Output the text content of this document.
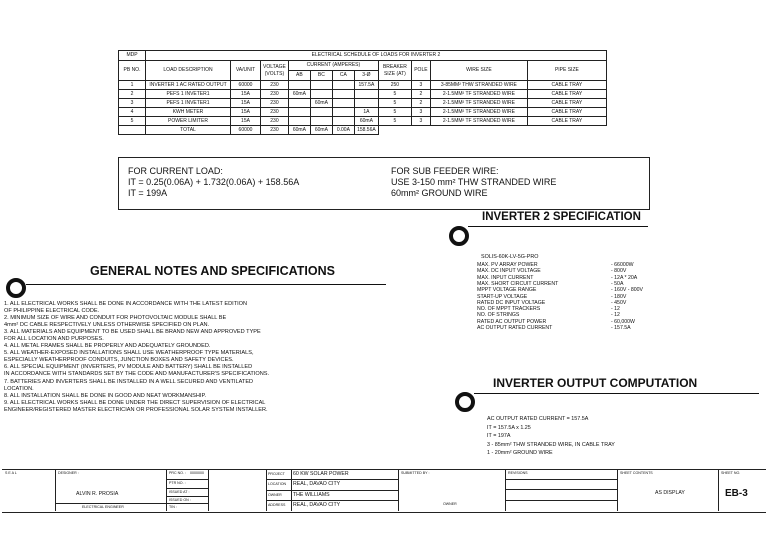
MDP	ELECTRICAL SCHEDULE OF LOADS FOR INVERTER 2										
PB NO.	LOAD DESCRIPTION	VA/UNIT	VOLTAGE (VOLTS)	CURRENT (AMPERES)				BREAKER SIZE (AT)	POLE	WIRE SIZE	PIPE SIZE
				AB	BC	CA	3-Ø				
1	INVERTER 1 AC RATED OUTPUT	60000	230				157.5A	250	3	3-85MM² THW STRANDED WIRE	CABLE TRAY
2	PEFS 1 INVETER1	15A	230	60mA				5	2	2-1.5MM² TF STRANDED WIRE	CABLE TRAY
3	PEFS 1 INVETER1	15A	230		60mA			5	2	2-1.5MM² TF STRANDED WIRE	CABLE TRAY
4	KWH METER	15A	230				1A	5	3	2-1.5MM² TF STRANDED WIRE	CABLE TRAY
5	POWER LIMITER	15A	230				60mA	5	3	2-1.5MM² TF STRANDED WIRE	CABLE TRAY
	TOTAL	60000	230	60mA	60mA	0.00A	158.56A				
FOR CURRENT LOAD:
IT = 0.25(0.06A) + 1.732(0.06A) + 158.56A
IT = 199A
FOR SUB FEEDER WIRE:
USE 3-150 mm² THW STRANDED WIRE
60mm² GROUND WIRE
INVERTER 2 SPECIFICATION
SOLIS-60K-LV-5G-PRO
MAX. PV ARRAY POWER	- 66000W
MAX. DC INPUT VOLTAGE	- 800V
MAX. INPUT CURRENT	- 12A * 20A
MAX. SHORT CIRCUIT CURRENT	- 50A
MPPT VOLTAGE RANGE	- 160V - 800V
START-UP VOLTAGE	- 180V
RATED DC INPUT VOLTAGE	- 450V
NO. OF MPPT TRACKERS	- 12
NO. OF STRINGS	- 12
RATED AC OUTPUT POWER	- 60,000W
AC OUTPUT RATED CURRENT	- 157.5A
GENERAL NOTES AND SPECIFICATIONS
1. ALL ELECTRICAL WORKS SHALL BE DONE IN ACCORDANCE WITH THE LATEST EDITION
OF PHILIPPINE ELECTRICAL CODE.
2. MINIMUM SIZE OF WIRE AND CONDUIT FOR PHOTOVOLTAIC MODULE SHALL BE
4mm² DC CABLE RESPECTIVELY UNLESS OTHERWISE SPECIFIED ON PLAN.
3. ALL MATERIALS AND EQUIPMENT TO BE USED SHALL BE BRAND NEW AND APPROVED TYPE
FOR ALL LOCATION AND PURPOSES.
4. ALL METAL FRAMES SHALL BE PROPERLY AND ADEQUATELY GROUNDED.
5. ALL WEATHER-EXPOSED INSTALLATIONS SHALL USE WEATHERPROOF TYPE MATERIALS,
ESPECIALLY WEATHERPROOF CONDUITS, JUNCTION BOXES AND SAFETY DEVICES.
6. ALL SPECIAL EQUIPMENT (INVERTERS, PV MODULE AND BATTERY) SHALL BE INSTALLED
IN ACCORDANCE WITH STANDARDS SET BY THE CODE AND MANUFACTURER'S SPECIFICATIONS.
7. BATTERIES AND INVERTERS SHALL BE INSTALLED IN A WELL SECURED AND VENTILATED
LOCATION.
8. ALL INSTALLATION SHALL BE DONE IN GOOD AND NEAT WORKMANSHIP.
9. ALL ELECTRICAL WORKS SHALL BE DONE UNDER THE DIRECT SUPERVISION OF ELECTRICAL
ENGINEER/REGISTERED MASTER ELECTRICIAN OR PROFESSIONAL SOLAR SYSTEM INSTALLER.
INVERTER OUTPUT COMPUTATION
AC OUTPUT RATED CURRENT = 157.5A
IT = 157.5A x 1.25
IT = 197A
3 - 85mm² THW STRANDED WIRE, IN CABLE TRAY
1 - 20mm² GROUND WIRE
S E A L	DESIGNER :
ALVIN R. PROSIA
ELECTRICAL ENGINEER
PRC NO. : 0000000
PTR NO. :
ISSUED AT :
ISSUED ON :
TIN :
PROJECT 60 KW SOLAR POWER
LOCATION REAL, DAVAO CITY
OWNER THE WILLIAMS
ADDRESS REAL, DAVAO CITY
SUBMITTED BY :
OWNER
REVISIONS	SHEET CONTENTS
AS DISPLAY
SHEET NO.
EB-3
